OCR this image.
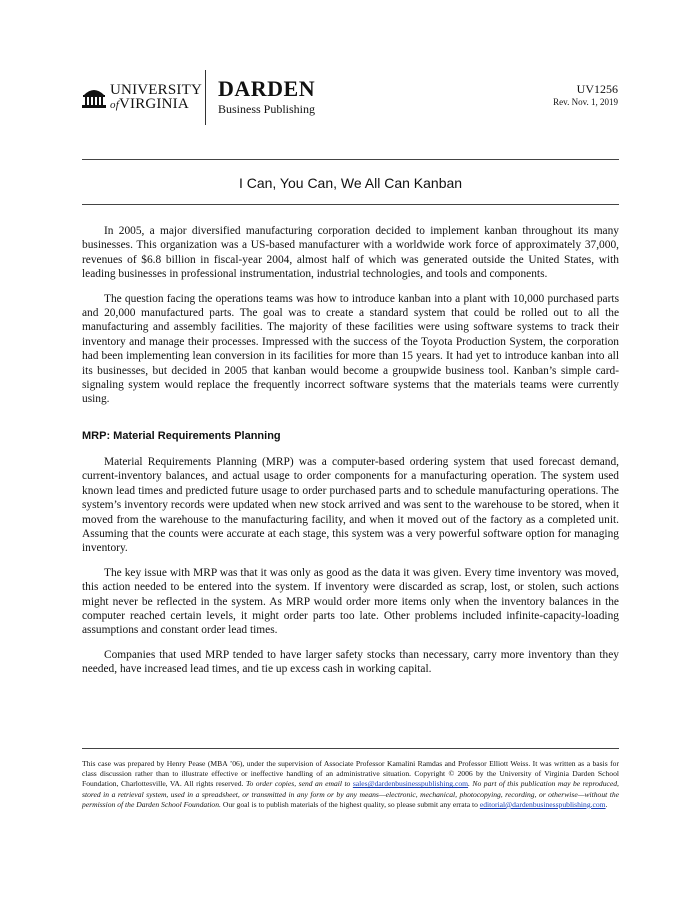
UNIVERSITY
ofVIRGINIA
DARDEN
Business Publishing
UV1256
Rev. Nov. 1, 2019
I Can, You Can, We All Can Kanban

In 2005, a major diversified manufacturing corporation decided to implement kanban throughout its many businesses. This organization was a US-based manufacturer with a worldwide work force of approximately 37,000, revenues of $6.8 billion in fiscal-year 2004, almost half of which was generated outside the United States, with leading businesses in professional instrumentation, industrial technologies, and tools and components.

The question facing the operations teams was how to introduce kanban into a plant with 10,000 purchased parts and 20,000 manufactured parts. The goal was to create a standard system that could be rolled out to all the manufacturing and assembly facilities. The majority of these facilities were using software systems to track their inventory and manage their processes. Impressed with the success of the Toyota Production System, the corporation had been implementing lean conversion in its facilities for more than 15 years. It had yet to introduce kanban into all its businesses, but decided in 2005 that kanban would become a groupwide business tool. Kanban’s simple card-signaling system would replace the frequently incorrect software systems that the materials teams were currently using.

MRP: Material Requirements Planning

Material Requirements Planning (MRP) was a computer-based ordering system that used forecast demand, current-inventory balances, and actual usage to order components for a manufacturing operation. The system used known lead times and predicted future usage to order purchased parts and to schedule manufacturing operations. The system’s inventory records were updated when new stock arrived and was sent to the warehouse to be stored, when it moved from the warehouse to the manufacturing facility, and when it moved out of the factory as a completed unit. Assuming that the counts were accurate at each stage, this system was a very powerful software option for managing inventory.

The key issue with MRP was that it was only as good as the data it was given. Every time inventory was moved, this action needed to be entered into the system. If inventory were discarded as scrap, lost, or stolen, such actions might never be reflected in the system. As MRP would order more items only when the inventory balances in the computer reached certain levels, it might order parts too late. Other problems included infinite-capacity-loading assumptions and constant order lead times.

Companies that used MRP tended to have larger safety stocks than necessary, carry more inventory than they needed, have increased lead times, and tie up excess cash in working capital.

This case was prepared by Henry Pease (MBA ’06), under the supervision of Associate Professor Kamalini Ramdas and Professor Elliott Weiss. It was written as a basis for class discussion rather than to illustrate effective or ineffective handling of an administrative situation. Copyright © 2006 by the University of Virginia Darden School Foundation, Charlottesville, VA. All rights reserved. To order copies, send an email to sales@dardenbusinesspublishing.com. No part of this publication may be reproduced, stored in a retrieval system, used in a spreadsheet, or transmitted in any form or by any means—electronic, mechanical, photocopying, recording, or otherwise—without the permission of the Darden School Foundation. Our goal is to publish materials of the highest quality, so please submit any errata to editorial@dardenbusinesspublishing.com.
